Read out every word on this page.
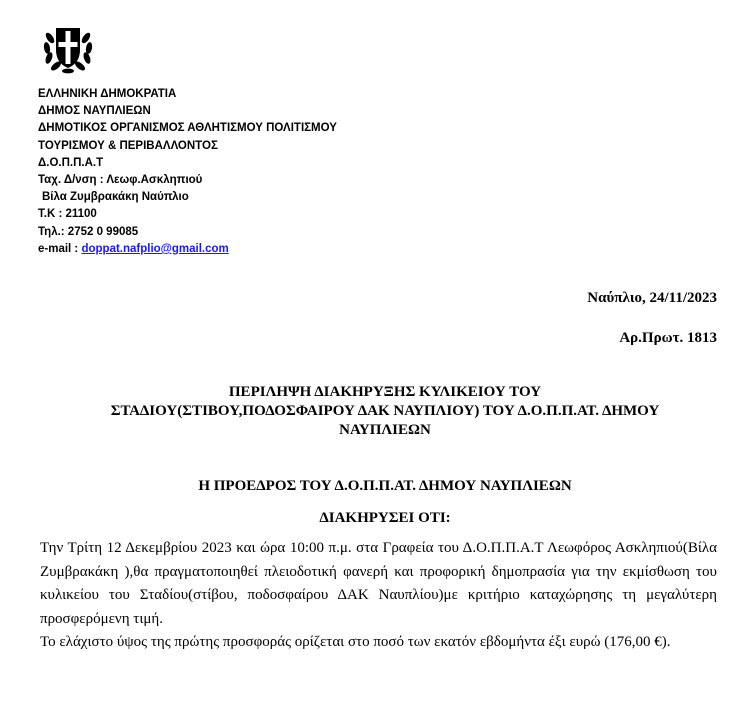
ΕΛΛΗΝΙΚΗ ΔΗΜΟΚΡΑΤΙΑ
ΔΗΜΟΣ ΝΑΥΠΛΙΕΩΝ
ΔΗΜΟΤΙΚΟΣ ΟΡΓΑΝΙΣΜΟΣ ΑΘΛΗΤΙΣΜΟΥ ΠΟΛΙΤΙΣΜΟΥ
ΤΟΥΡΙΣΜΟΥ & ΠΕΡΙΒΑΛΛΟΝΤΟΣ
Δ.Ο.Π.Π.Α.Τ
Ταχ. Δ/νση : Λεωφ.Ασκληπιού
Βίλα Ζυμβρακάκη Ναύπλιο
Τ.Κ : 21100
Τηλ.: 2752 0 99085
e-mail : doppat.nafplio@gmail.com
Ναύπλιο, 24/11/2023
Αρ.Πρωτ. 1813
ΠΕΡΙΛΗΨΗ ΔΙΑΚΗΡΥΞΗΣ ΚΥΛΙΚΕΙΟΥ ΤΟΥ
ΣΤΑΔΙΟΥ(ΣΤΙΒΟΥ,ΠΟΔΟΣΦΑΙΡΟΥ ΔΑΚ ΝΑΥΠΛΙΟΥ) ΤΟΥ Δ.Ο.Π.Π.ΑΤ. ΔΗΜΟΥ
ΝΑΥΠΛΙΕΩΝ
Η ΠΡΟΕΔΡΟΣ ΤΟΥ Δ.Ο.Π.Π.ΑΤ. ΔΗΜΟΥ ΝΑΥΠΛΙΕΩΝ
ΔΙΑΚΗΡΥΣΕΙ ΟΤΙ:

Την Τρίτη 12 Δεκεμβρίου 2023 και ώρα 10:00 π.μ. στα Γραφεία του Δ.Ο.Π.Π.Α.Τ Λεωφόρος Ασκληπιού(Βίλα Ζυμβρακάκη ),θα πραγματοποιηθεί πλειοδοτική φανερή και προφορική δημοπρασία για την εκμίσθωση του κυλικείου του Σταδίου(στίβου, ποδοσφαίρου ΔΑΚ Ναυπλίου)με κριτήριο καταχώρησης τη μεγαλύτερη προσφερόμενη τιμή.

Το ελάχιστο ύψος της πρώτης προσφοράς ορίζεται στο ποσό των εκατόν εβδομήντα έξι ευρώ (176,00 €).
